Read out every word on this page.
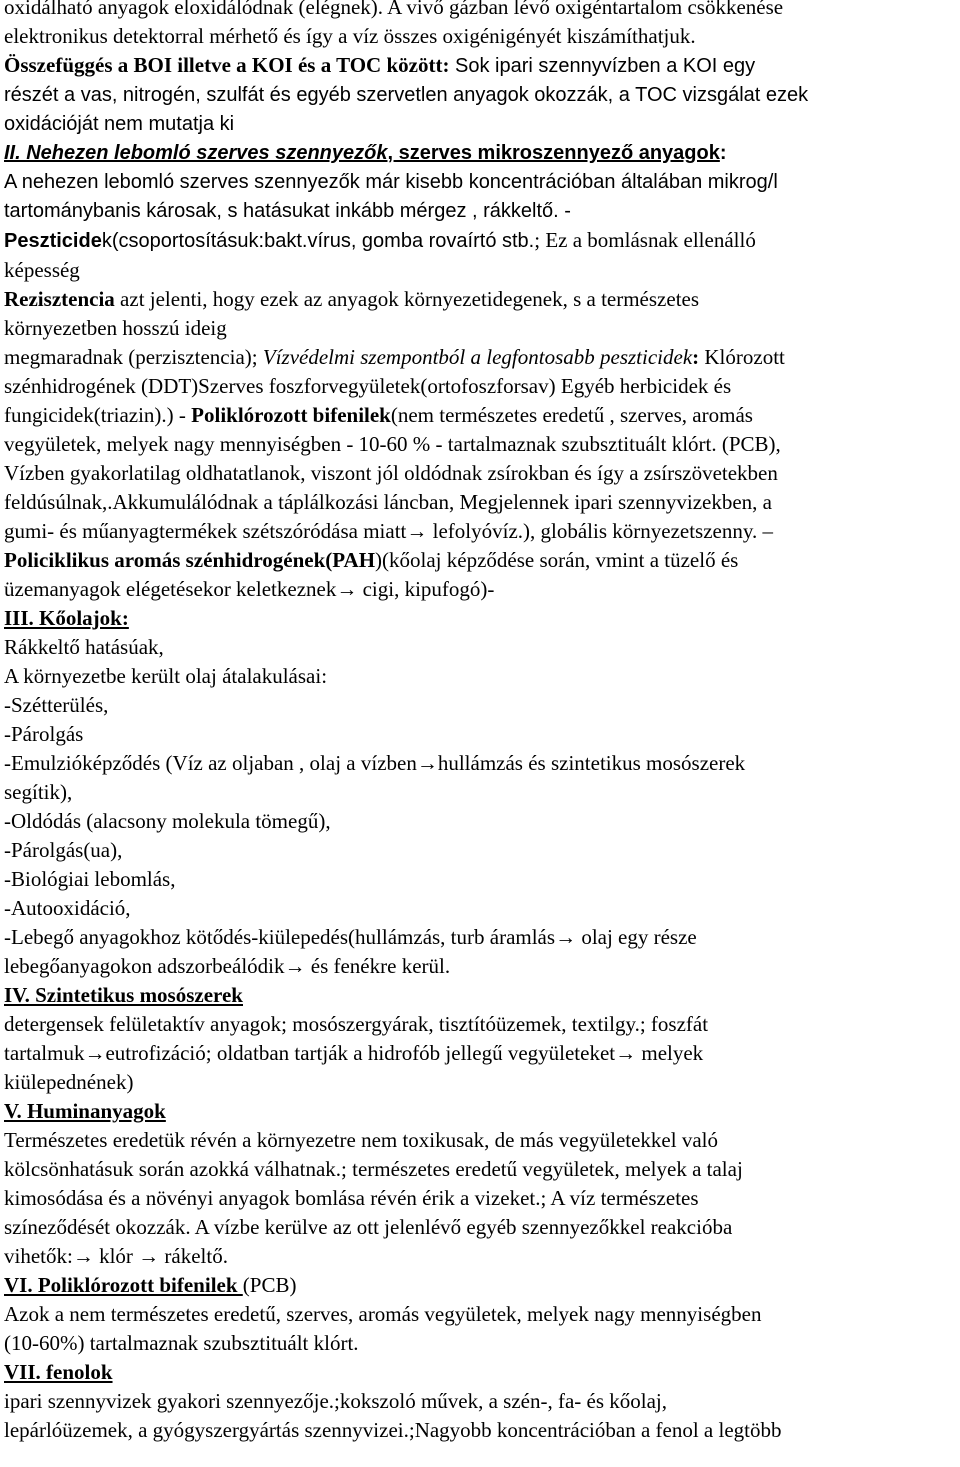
oxidálható anyagok eloxidálódnak (elégnek). A vivő gázban lévő oxigéntartalom csökkenése
elektronikus detektorral mérhető és így a víz összes oxigénigényét kiszámíthatjuk.
Összefüggés a BOI illetve a KOI és a TOC között: Sok ipari szennyvízben a KOI egy
részét a vas, nitrogén, szulfát és egyéb szervetlen anyagok okozzák, a TOC vizsgálat ezek
oxidációját nem mutatja ki
II. Nehezen lebomló szerves szennyezők, szerves mikroszennyező anyagok:
A nehezen lebomló szerves szennyezők már kisebb koncentrációban általában mikrog/l
tartománybanis károsak, s hatásukat inkább mérgez , rákkeltő. -
Peszticidek(csoportosításuk:bakt.vírus, gomba rovaírtó stb.; Ez a bomlásnak ellenálló
képesség
Rezisztencia azt jelenti, hogy ezek az anyagok környezetidegenek, s a természetes
környezetben hosszú ideig
megmaradnak (perzisztencia); Vízvédelmi szempontból a legfontosabb peszticidek: Klórozott
szénhidrogének (DDT)Szerves foszforvegyületek(ortofoszforsav) Egyéb herbicidek és
fungicidek(triazin).) - Poliklórozott bifenilek(nem természetes eredetű , szerves, aromás
vegyületek, melyek nagy mennyiségben - 10-60 % - tartalmaznak szubsztituált klórt. (PCB),
Vízben gyakorlatilag oldhatatlanok, viszont jól oldódnak zsírokban és így a zsírszövetekben
feldúsúlnak,.Akkumulálódnak a táplálkozási láncban, Megjelennek ipari szennyvizekben, a
gumi- és műanyagtermékek szétszóródása miatt→ lefolyóvíz.), globális környezetszenny. –
Policiklikus aromás szénhidrogének(PAH)(kőolaj képződése során, vmint a tüzelő és
üzemanyagok elégetésekor keletkeznek→ cigi, kipufogó)-
III. Kőolajok:
Rákkeltő hatásúak,
A környezetbe került olaj átalakulásai:
-Szétterülés,
-Párolgás
-Emulzióképződés (Víz az oljaban , olaj a vízben→hullámzás és szintetikus mosószerek
segítik),
-Oldódás (alacsony molekula tömegű),
-Párolgás(ua),
-Biológiai lebomlás,
-Autooxidáció,
-Lebegő anyagokhoz kötődés-kiülepedés(hullámzás, turb áramlás→ olaj egy része
lebegőanyagokon adszorbeálódik→ és fenékre kerül.
IV. Szintetikus mosószerek
detergensek felületaktív anyagok; mosószergyárak, tisztítóüzemek, textilgy.; foszfát
tartalmuk→eutrofizáció; oldatban tartják a hidrofób jellegű vegyületeket→ melyek
kiülepednének)
V. Huminanyagok
Természetes eredetük révén a környezetre nem toxikusak, de más vegyületekkel való
kölcsönhatásuk során azokká válhatnak.; természetes eredetű vegyületek, melyek a talaj
kimosódása és a növényi anyagok bomlása révén érik a vizeket.; A víz természetes
színeződését okozzák. A vízbe kerülve az ott jelenlévő egyéb szennyezőkkel reakcióba
vihetők:→ klór → rákeltő.
VI. Poliklórozott bifenilek (PCB)
Azok a nem természetes eredetű, szerves, aromás vegyületek, melyek nagy mennyiségben
(10-60%) tartalmaznak szubsztituált klórt.
VII. fenolok
ipari szennyvizek gyakori szennyezője.;kokszoló művek, a szén-, fa- és kőolaj,
lepárlóüzemek, a gyógyszergyártás szennyvizei.;Nagyobb koncentrációban a fenol a legtöbb
